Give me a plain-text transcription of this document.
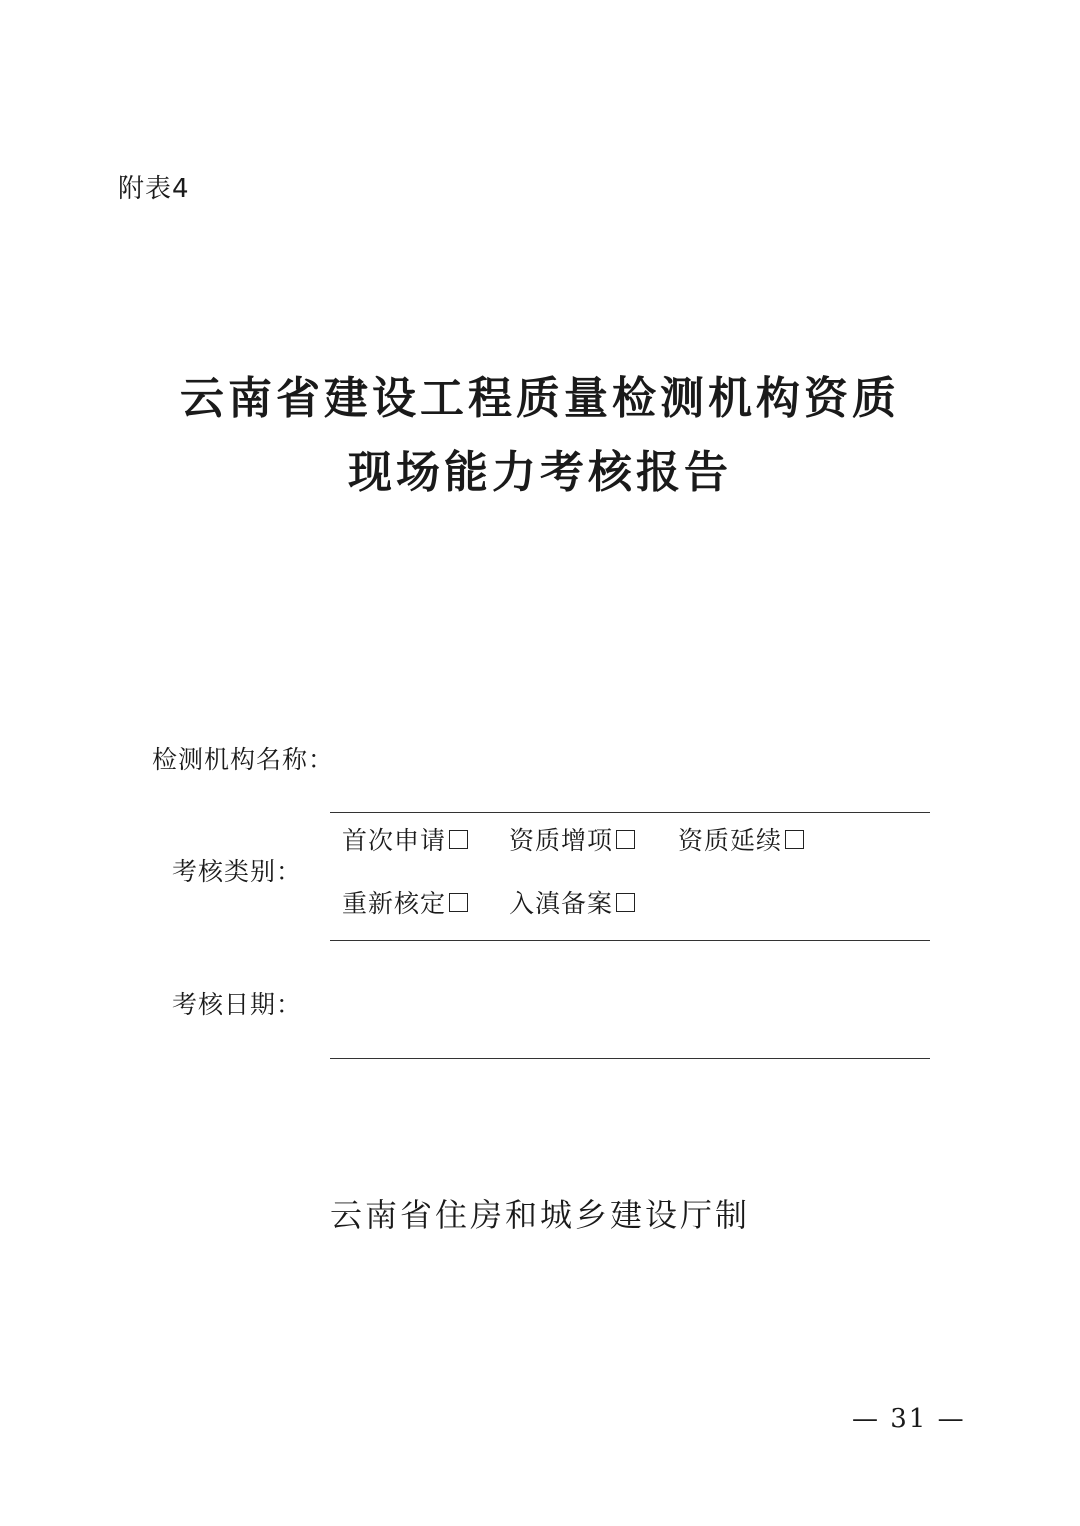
附表4
云南省建设工程质量检测机构资质
现场能力考核报告
检测机构名称：
考核类别：
首次申请	资质增项	资质延续
重新核定	入滇备案
考核日期：
云南省住房和城乡建设厅制
— 31 —
